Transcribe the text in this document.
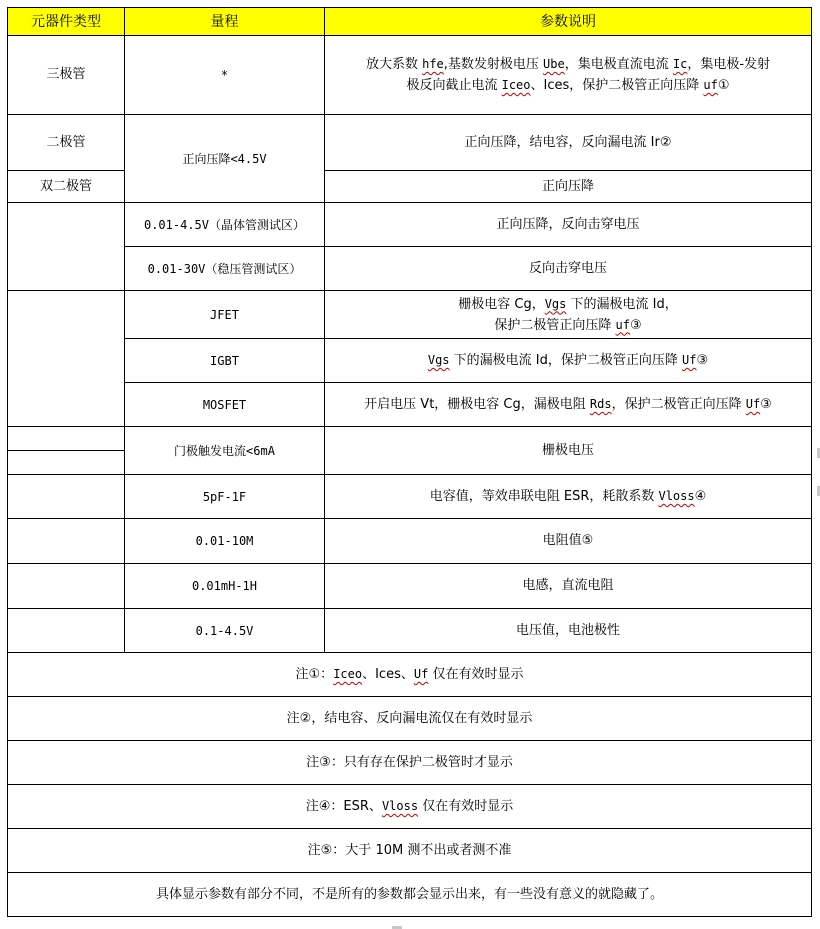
元器件类型	量程	参数说明
三极管	*	放大系数 hfe,基数发射极电压 Ube，集电极直流电流 Ic，集电极-发射
极反向截止电流 Iceo、Ices，保护二极管正向压降 uf①
二极管	正向压降<4.5V	正向压降，结电容，反向漏电流 Ir②
双二极管		正向压降
	0.01-4.5V（晶体管测试区）	正向压降，反向击穿电压
	0.01-30V（稳压管测试区）	反向击穿电压
	JFET	栅极电容 Cg，Vgs 下的漏极电流 Id，
保护二极管正向压降 uf③
	IGBT	Vgs 下的漏极电流 Id，保护二极管正向压降 Uf③
	MOSFET	开启电压 Vt，栅极电容 Cg，漏极电阻 Rds，保护二极管正向压降 Uf③
	门极触发电流<6mA	栅极电压

	5pF-1F	电容值，等效串联电阻 ESR，耗散系数 Vloss④
	0.01-10M	电阻值⑤
	0.01mH-1H	电感，直流电阻
	0.1-4.5V	电压值，电池极性
注①：Iceo、Ices、Uf 仅在有效时显示		
注②，结电容、反向漏电流仅在有效时显示		
注③：只有存在保护二极管时才显示		
注④：ESR、Vloss 仅在有效时显示		
注⑤：大于 10M 测不出或者测不准		
具体显示参数有部分不同，不是所有的参数都会显示出来，有一些没有意义的就隐藏了。		
